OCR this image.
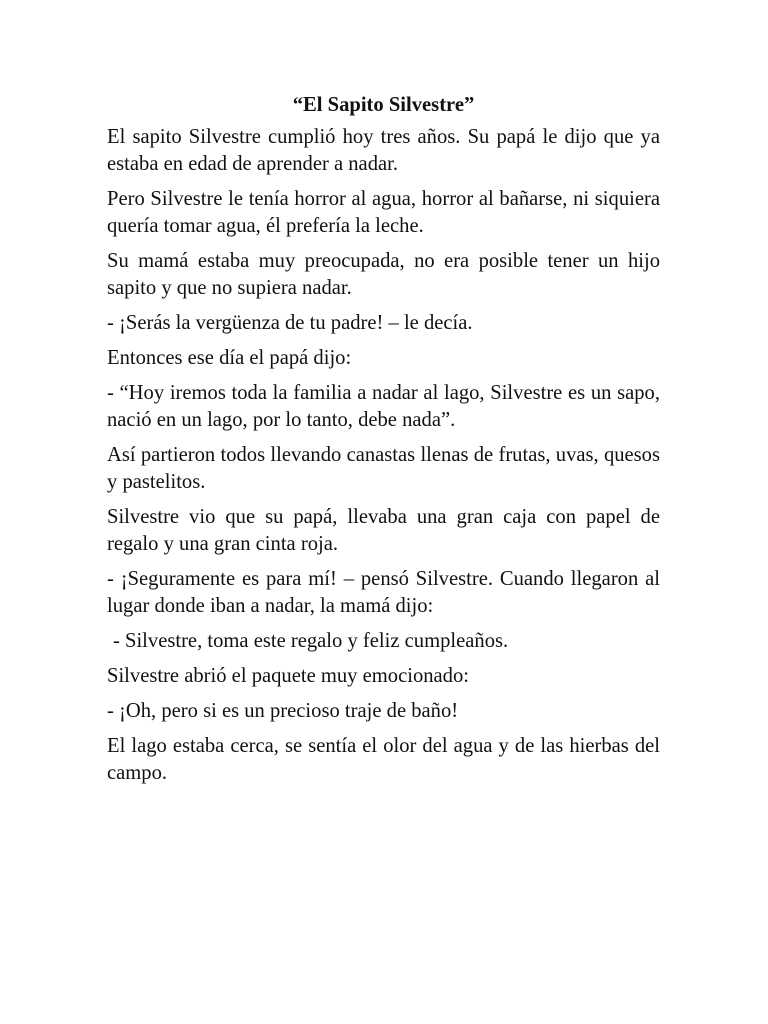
“El Sapito Silvestre”

El sapito Silvestre cumplió hoy tres años. Su papá le dijo que ya estaba en edad de aprender a nadar.

Pero Silvestre le tenía horror al agua, horror al bañarse, ni siquiera quería tomar agua, él prefería la leche.

Su mamá estaba muy preocupada, no era posible tener un hijo sapito y que no supiera nadar.

- ¡Serás la vergüenza de tu padre! – le decía.

Entonces ese día el papá dijo:

- “Hoy iremos toda la familia a nadar al lago, Silvestre es un sapo, nació en un lago, por lo tanto, debe nada”.

Así partieron todos llevando canastas llenas de frutas, uvas, quesos y pastelitos.

Silvestre vio que su papá, llevaba una gran caja con papel de regalo y una gran cinta roja.

- ¡Seguramente es para mí! – pensó Silvestre. Cuando llegaron al lugar donde iban a nadar, la mamá dijo:

- Silvestre, toma este regalo y feliz cumpleaños.

Silvestre abrió el paquete muy emocionado:

- ¡Oh, pero si es un precioso traje de baño!

El lago estaba cerca, se sentía el olor del agua y de las hierbas del campo.
